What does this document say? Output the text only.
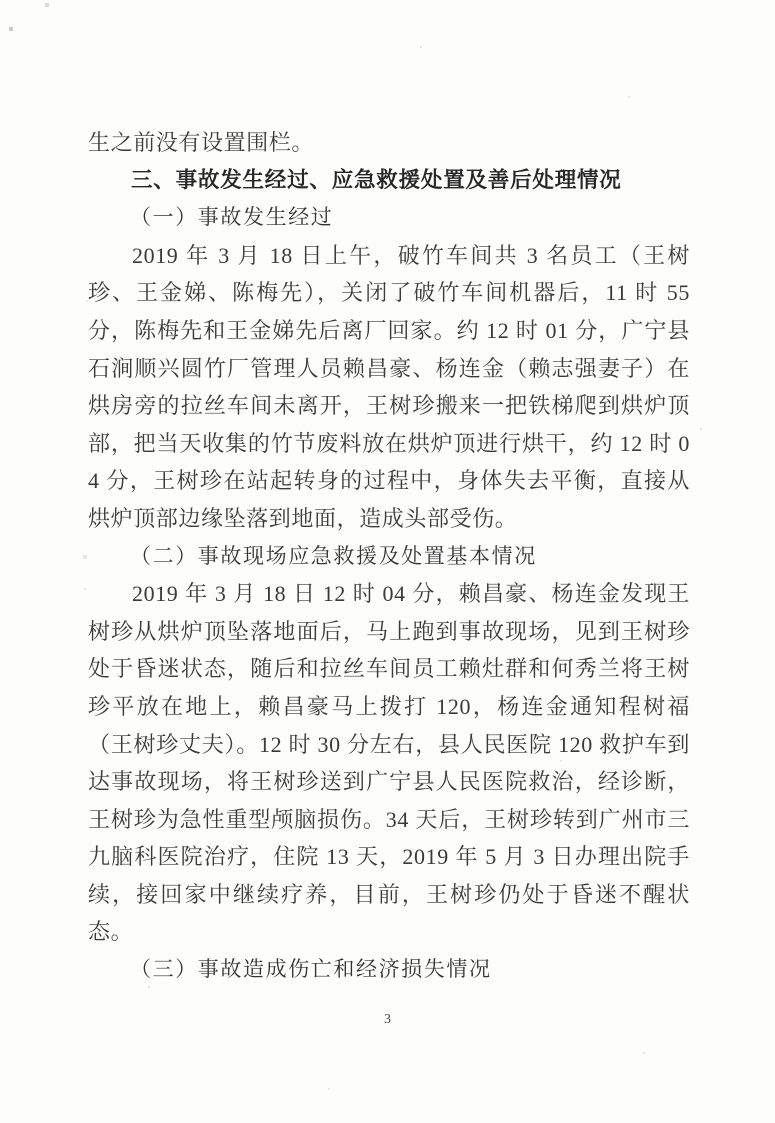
生之前没有设置围栏。
三、事故发生经过、应急救援处置及善后处理情况
（一）事故发生经过
2019 年 3 月 18 日上午，破竹车间共 3 名员工（王树珍、王金娣、陈梅先），关闭了破竹车间机器后，11 时 55 分，陈梅先和王金娣先后离厂回家。约 12 时 01 分，广宁县石涧顺兴圆竹厂管理人员赖昌豪、杨连金（赖志强妻子）在烘房旁的拉丝车间未离开，王树珍搬来一把铁梯爬到烘炉顶部，把当天收集的竹节废料放在烘炉顶进行烘干，约 12 时 04 分，王树珍在站起转身的过程中，身体失去平衡，直接从烘炉顶部边缘坠落到地面，造成头部受伤。
（二）事故现场应急救援及处置基本情况
2019 年 3 月 18 日 12 时 04 分，赖昌豪、杨连金发现王树珍从烘炉顶坠落地面后，马上跑到事故现场，见到王树珍处于昏迷状态，随后和拉丝车间员工赖灶群和何秀兰将王树珍平放在地上，赖昌豪马上拨打 120，杨连金通知程树福（王树珍丈夫）。12 时 30 分左右，县人民医院 120 救护车到达事故现场，将王树珍送到广宁县人民医院救治，经诊断，王树珍为急性重型颅脑损伤。34 天后，王树珍转到广州市三九脑科医院治疗，住院 13 天，2019 年 5 月 3 日办理出院手续，接回家中继续疗养，目前，王树珍仍处于昏迷不醒状态。
（三）事故造成伤亡和经济损失情况
3
